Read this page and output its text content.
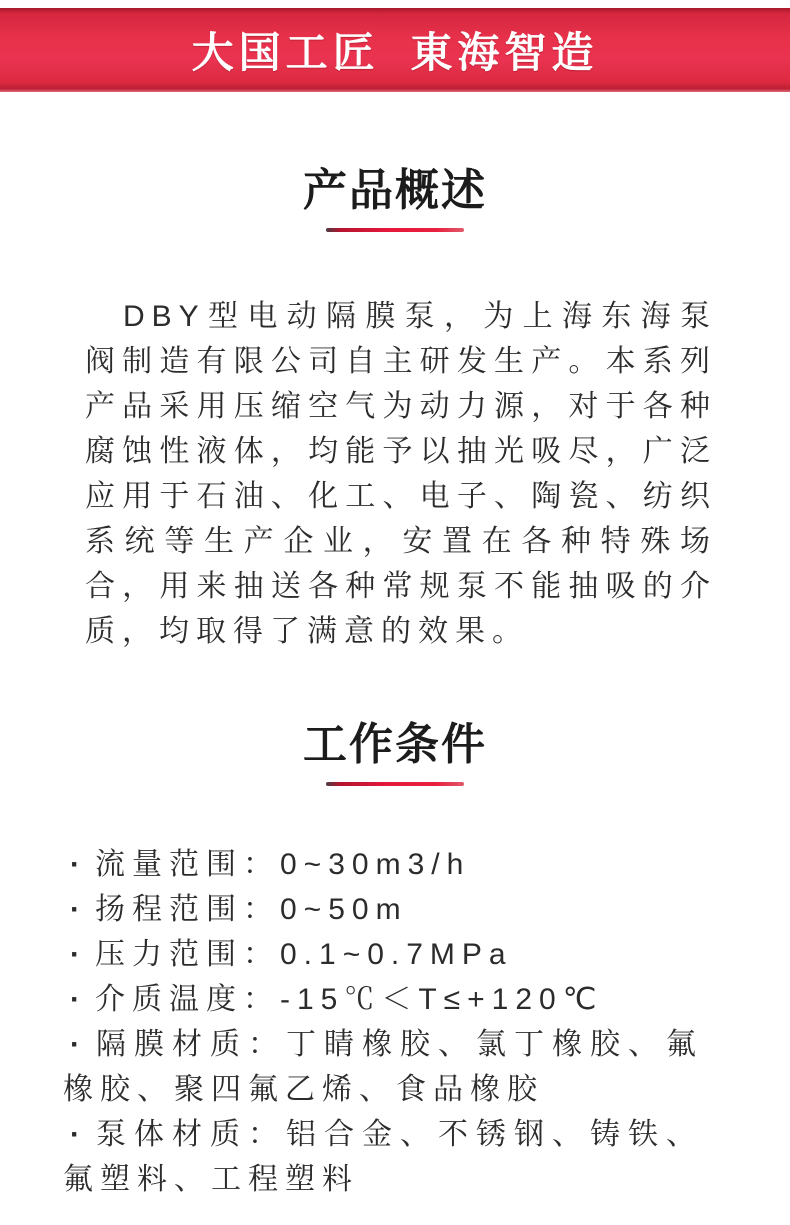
大国工匠 東海智造
产品概述

DBY型电动隔膜泵，为上海东海泵阀制造有限公司自主研发生产。本系列产品采用压缩空气为动力源，对于各种腐蚀性液体，均能予以抽光吸尽，广泛应用于石油、化工、电子、陶瓷、纺织系统等生产企业，安置在各种特殊场合，用来抽送各种常规泵不能抽吸的介质，均取得了满意的效果。

工作条件
· 流量范围：0~30m3/h
· 扬程范围：0~50m
· 压力范围：0.1~0.7MPa
· 介质温度：-15℃＜T≤+120℃
· 隔膜材质：丁睛橡胶、氯丁橡胶、氟橡胶、聚四氟乙烯、食品橡胶
· 泵体材质：铝合金、不锈钢、铸铁、氟塑料、工程塑料
